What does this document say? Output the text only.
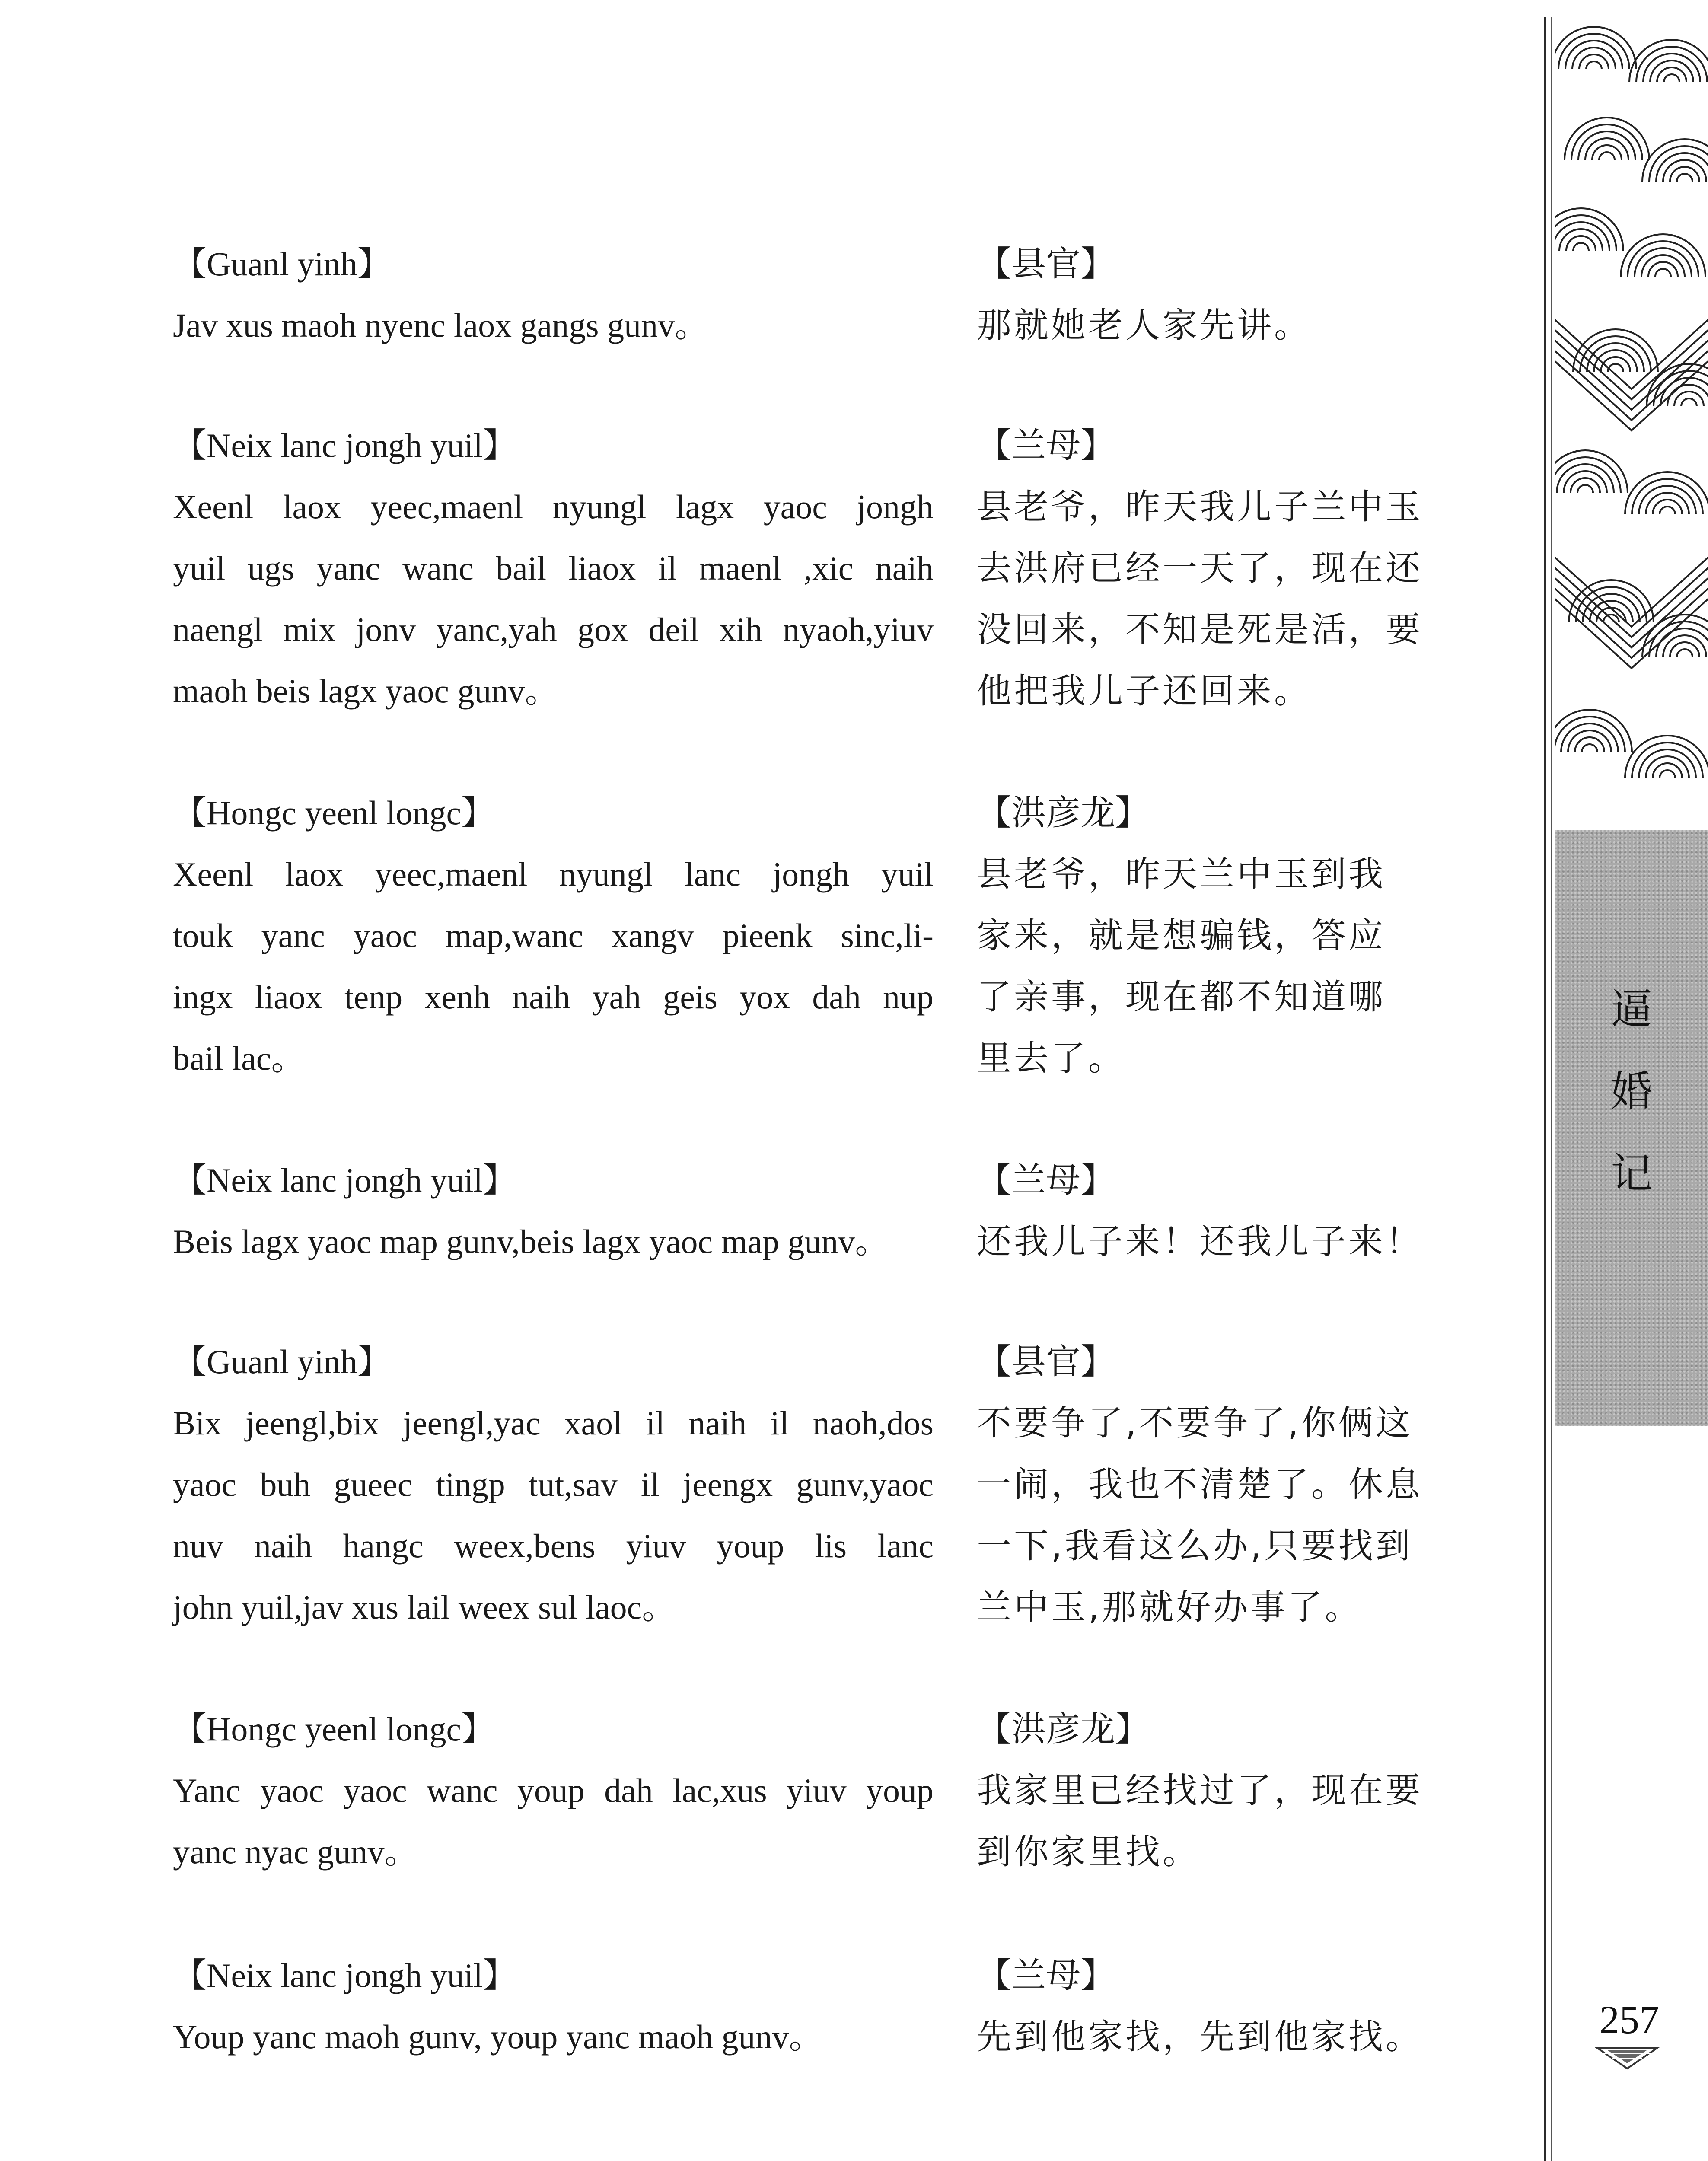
【Guanl yinh】
Jav xus maoh nyenc laox gangs gunv。
【县官】
那就她老人家先讲。
【Neix lanc jongh yuil】
Xeenl laox yeec,maenl nyungl lagx yaoc jongh
yuil ugs yanc wanc bail liaox il maenl ,xic naih
naengl mix jonv yanc,yah gox deil xih nyaoh,yiuv
maoh beis lagx yaoc gunv。
【兰母】
县老爷，昨天我儿子兰中玉
去洪府已经一天了，现在还
没回来，不知是死是活，要
他把我儿子还回来。
【Hongc yeenl longc】
Xeenl laox yeec,maenl nyungl lanc jongh yuil
touk yanc yaoc map,wanc xangv pieenk sinc,li-
ingx liaox tenp xenh naih yah geis yox dah nup
bail lac。
【洪彦龙】
县老爷，昨天兰中玉到我
家来，就是想骗钱，答应
了亲事，现在都不知道哪
里去了。
【Neix lanc jongh yuil】
Beis lagx yaoc map gunv,beis lagx yaoc map gunv。
【兰母】
还我儿子来！还我儿子来！
【Guanl yinh】
Bix jeengl,bix jeengl,yac xaol il naih il naoh,dos
yaoc buh gueec tingp tut,sav il jeengx gunv,yaoc
nuv naih hangc weex,bens yiuv youp lis lanc
john yuil,jav xus lail weex sul laoc。
【县官】
不要争了,不要争了,你俩这
一闹，我也不清楚了。休息
一下,我看这么办,只要找到
兰中玉,那就好办事了。
【Hongc yeenl longc】
Yanc yaoc yaoc wanc youp dah lac,xus yiuv youp
yanc nyac gunv。
【洪彦龙】
我家里已经找过了，现在要
到你家里找。
【Neix lanc jongh yuil】
Youp yanc maoh gunv, youp yanc maoh gunv。
【兰母】
先到他家找，先到他家找。
逼
婚
记
257
